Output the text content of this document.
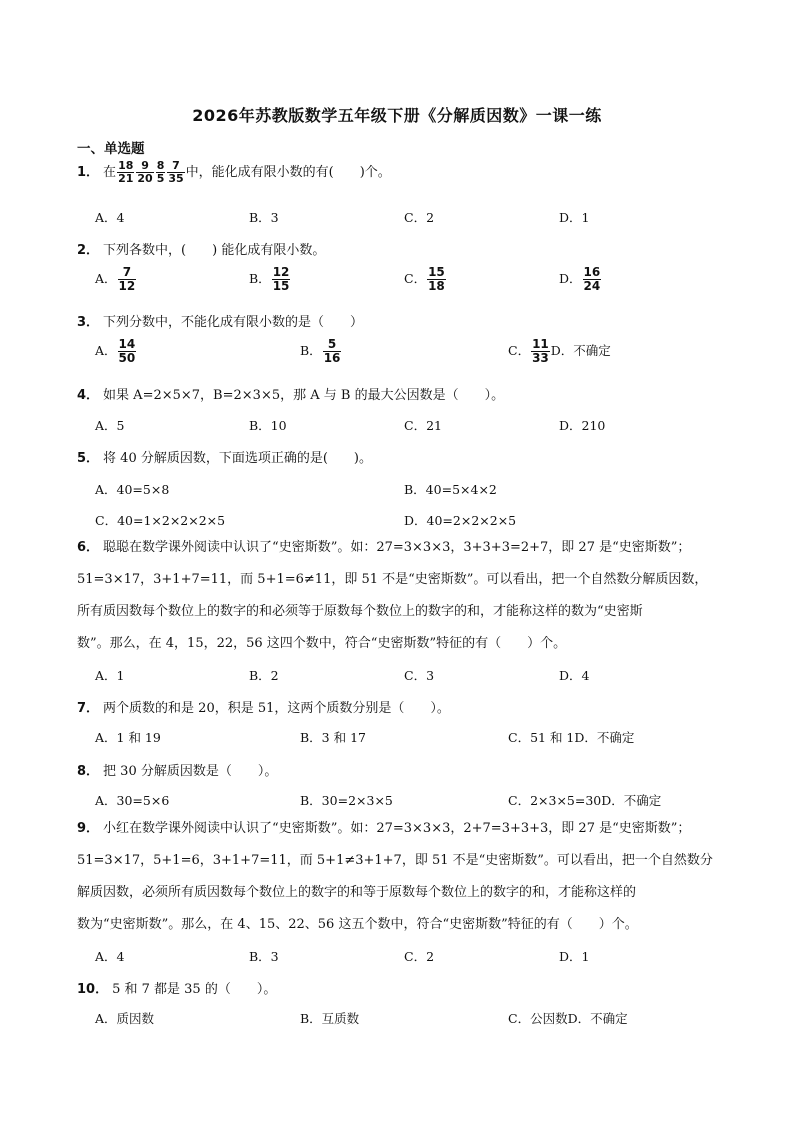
2026年苏教版数学五年级下册《分解质因数》一课一练
一、单选题
1． 在 $\frac{18}{21} \frac{9}{20} \frac{8}{5} \frac{7}{35}$ 中，能化成有限小数的有(　　)个。
A．4	B．3	C．2	D．1
2． 下列各数中，(　　) 能化成有限小数。
A． $\frac{7}{12}$	B． $\frac{12}{15}$	C． $\frac{15}{18}$	D． $\frac{16}{24}$
3． 下列分数中，不能化成有限小数的是（　　）
A． $\frac{14}{50}$	B． $\frac{5}{16}$	C． $\frac{11}{33}$ D．不确定
4． 如果 A=2×5×7，B=2×3×5，那 A 与 B 的最大公因数是（　　）。
A．5	B．10	C．21	D．210
5． 将 40 分解质因数，下面选项正确的是(　　)。
A．40=5×8	B．40=5×4×2
C．40=1×2×2×2×5	D．40=2×2×2×5
6． 聪聪在数学课外阅读中认识了“史密斯数”。如：27=3×3×3，3+3+3=2+7，即 27 是“史密斯数”；
51=3×17，3+1+7=11，而 5+1=6≠11，即 51 不是“史密斯数”。可以看出，把一个自然数分解质因数，
所有质因数每个数位上的数字的和必须等于原数每个数位上的数字的和，才能称这样的数为“史密斯
数”。那么，在 4，15，22，56 这四个数中，符合“史密斯数”特征的有（　　）个。
A．1	B．2	C．3	D．4
7． 两个质数的和是 20，积是 51，这两个质数分别是（　　）。
A．1 和 19	B．3 和 17	C．51 和 1D．不确定
8． 把 30 分解质因数是（　　）。
A．30=5×6	B．30=2×3×5	C．2×3×5=30D．不确定
9． 小红在数学课外阅读中认识了“史密斯数”。如：27=3×3×3，2+7=3+3+3，即 27 是“史密斯数”；
51=3×17，5+1=6，3+1+7=11，而 5+1≠3+1+7，即 51 不是“史密斯数”。可以看出，把一个自然数分
解质因数，必须所有质因数每个数位上的数字的和等于原数每个数位上的数字的和，才能称这样的
数为“史密斯数”。那么，在 4、15、22、56 这五个数中，符合“史密斯数”特征的有（　　）个。
A．4	B．3	C．2	D．1
10． 5 和 7 都是 35 的（　　）。
A．质因数	B．互质数	C．公因数D．不确定
